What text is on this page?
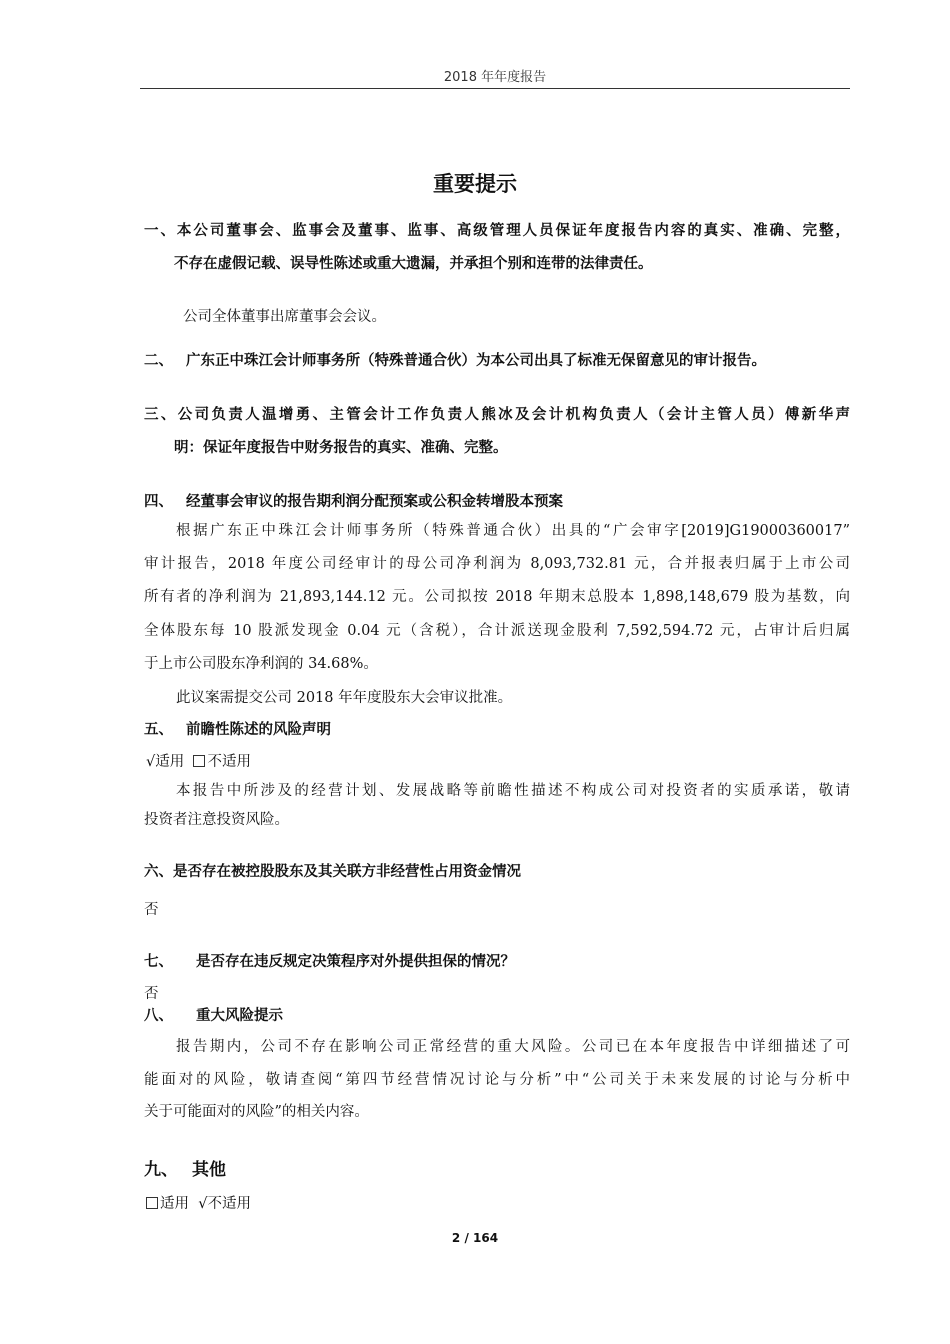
2018 年年度报告
重要提示
一、本公司董事会、监事会及董事、监事、高级管理人员保证年度报告内容的真实、准确、完整，
不存在虚假记载、误导性陈述或重大遗漏，并承担个别和连带的法律责任。
公司全体董事出席董事会会议。
二、 广东正中珠江会计师事务所（特殊普通合伙）为本公司出具了标准无保留意见的审计报告。
三、公司负责人温增勇、主管会计工作负责人熊冰及会计机构负责人（会计主管人员）傅新华声
明：保证年度报告中财务报告的真实、准确、完整。
四、 经董事会审议的报告期利润分配预案或公积金转增股本预案
根据广东正中珠江会计师事务所（特殊普通合伙）出具的“广会审字[2019]G19000360017”
审计报告，2018 年度公司经审计的母公司净利润为 8,093,732.81 元，合并报表归属于上市公司
所有者的净利润为 21,893,144.12 元。公司拟按 2018 年期末总股本 1,898,148,679 股为基数，向
全体股东每 10 股派发现金 0.04 元（含税），合计派送现金股利 7,592,594.72 元，占审计后归属
于上市公司股东净利润的 34.68%。
此议案需提交公司 2018 年年度股东大会审议批准。
五、 前瞻性陈述的风险声明
√适用 不适用
本报告中所涉及的经营计划、发展战略等前瞻性描述不构成公司对投资者的实质承诺，敬请
投资者注意投资风险。
六、是否存在被控股股东及其关联方非经营性占用资金情况
否
七、 是否存在违反规定决策程序对外提供担保的情况？
否
八、 重大风险提示
报告期内，公司不存在影响公司正常经营的重大风险。公司已在本年度报告中详细描述了可
能面对的风险，敬请查阅“第四节经营情况讨论与分析”中“公司关于未来发展的讨论与分析中
关于可能面对的风险”的相关内容。
九、 其他
适用 √不适用
2 / 164
